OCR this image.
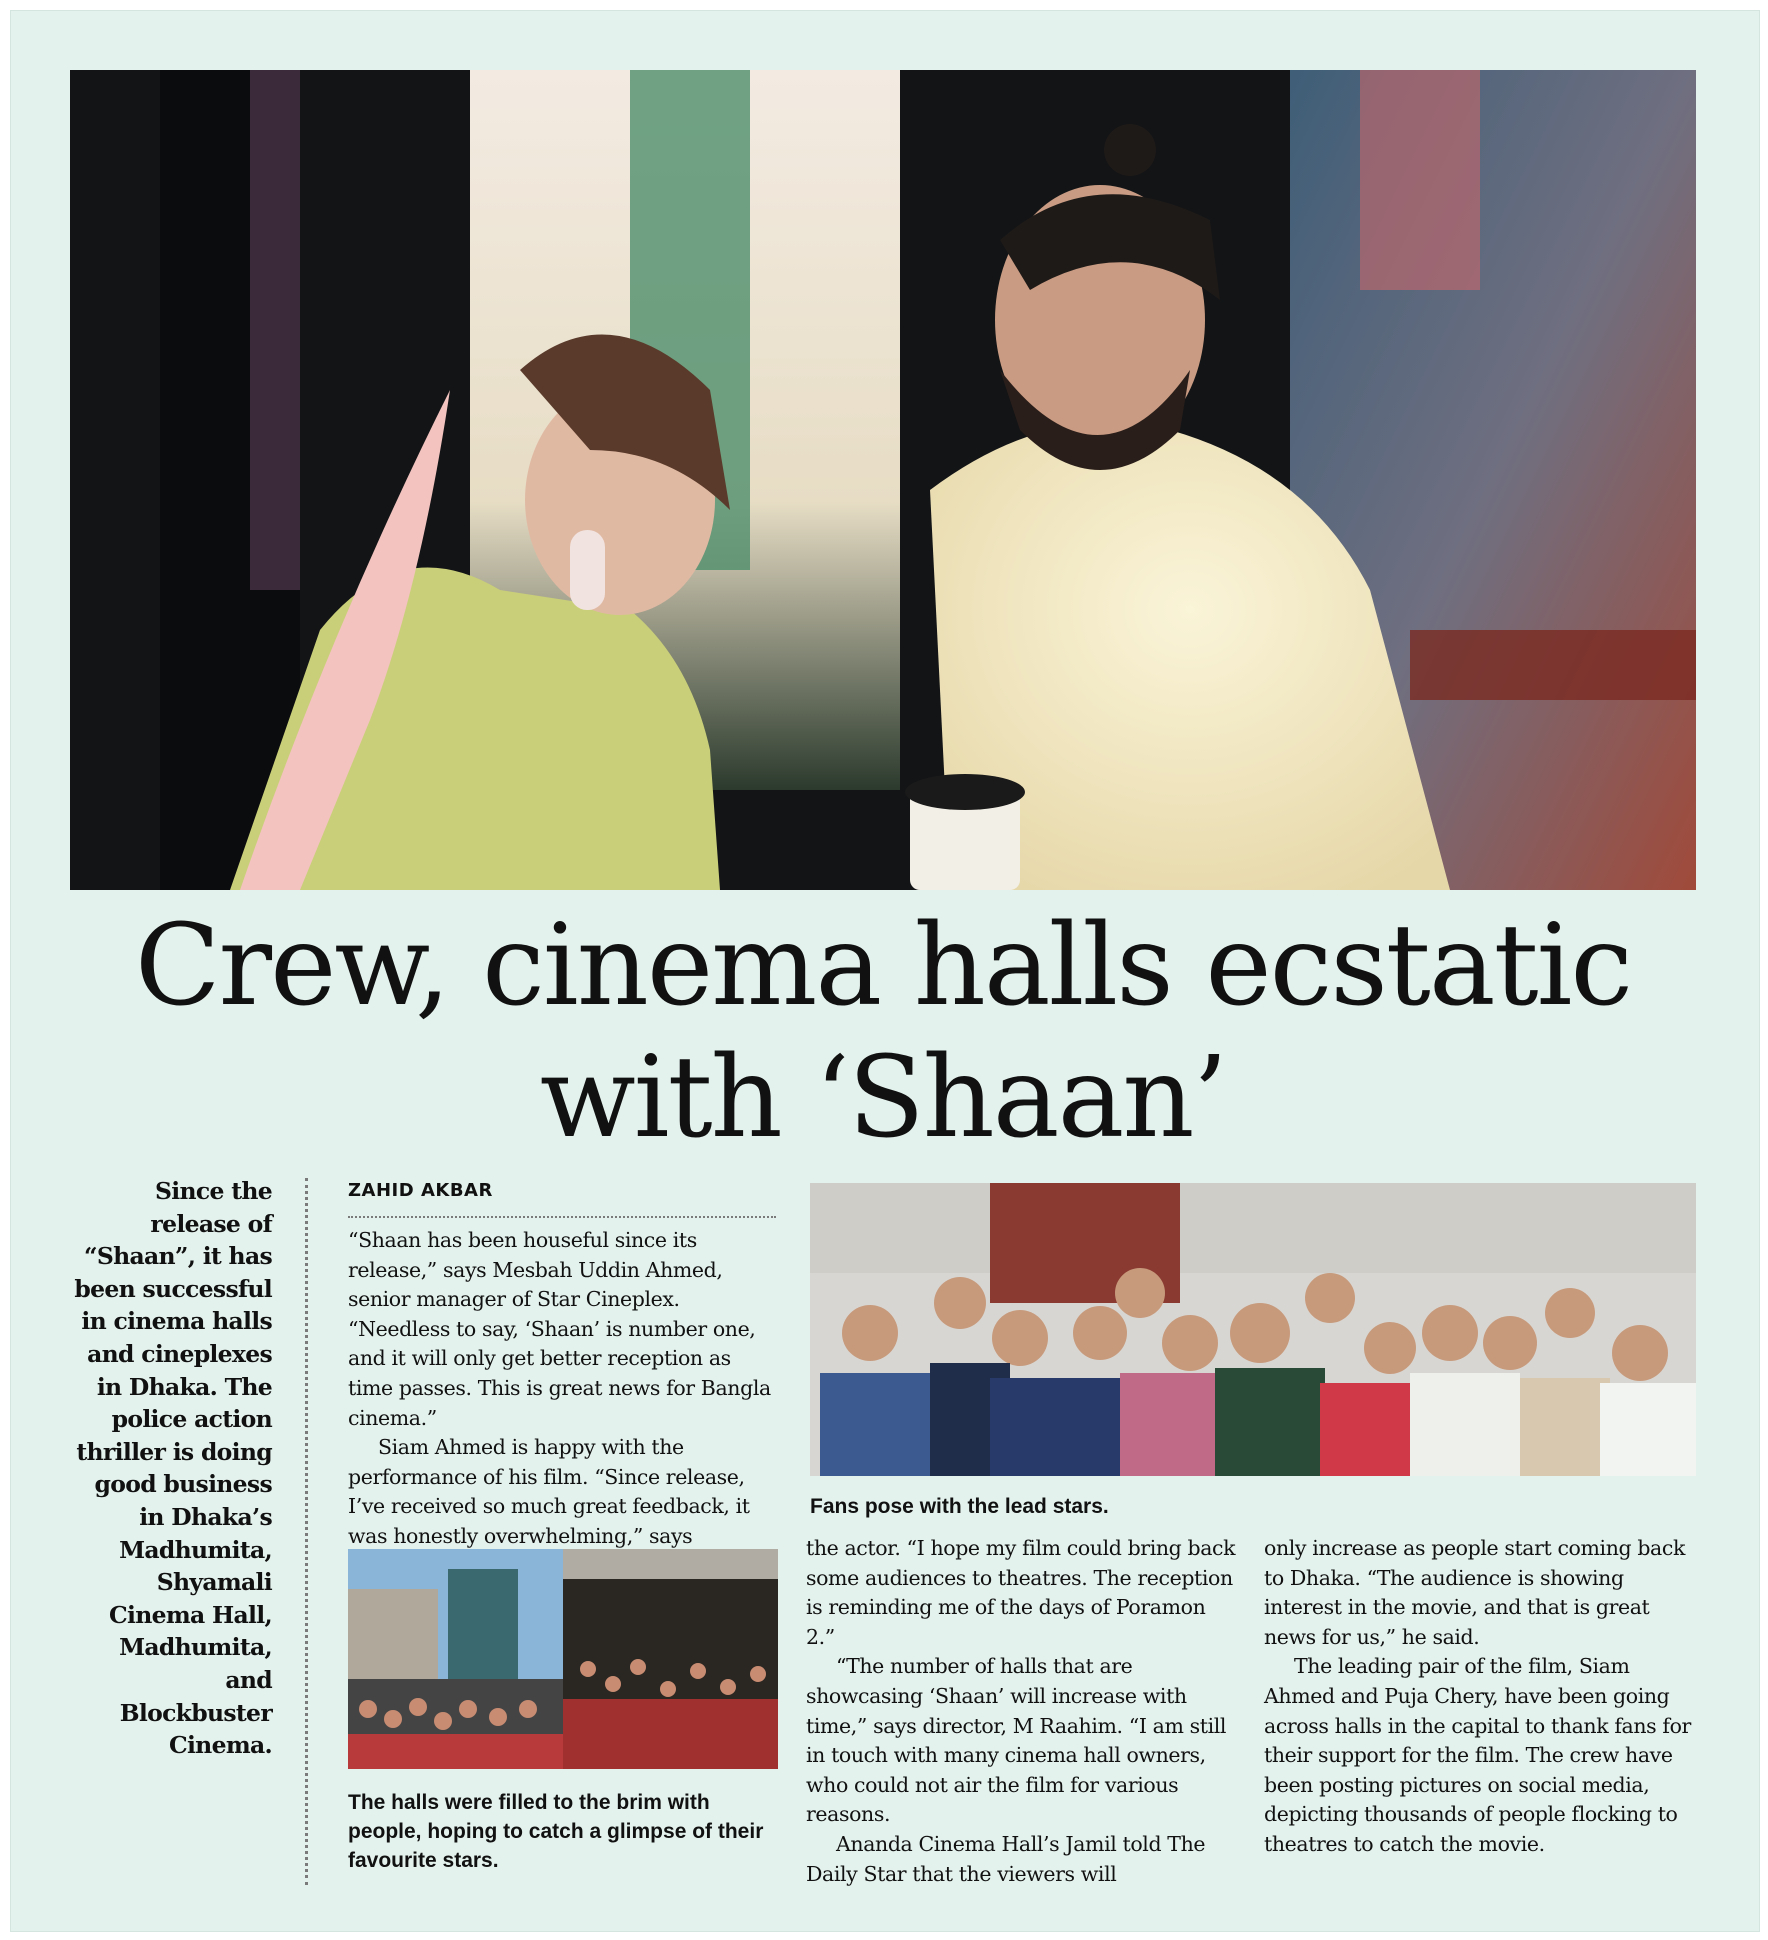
Crew, cinema halls ecstatic with ‘Shaan’

Since the release of “Shaan”, it has been successful in cinema halls and cineplexes in Dhaka. The police action thriller is doing good business in Dhaka’s Madhumita, Shyamali Cinema Hall, Madhumita, and Blockbuster Cinema.

ZAHID AKBAR

“Shaan has been houseful since its release,” says Mesbah Uddin Ahmed, senior manager of Star Cineplex. “Needless to say, ‘Shaan’ is number one, and it will only get better reception as time passes. This is great news for Bangla cinema.”

Siam Ahmed is happy with the performance of his film. “Since release, I’ve received so much great feedback, it was honestly overwhelming,” says

Fans pose with the lead stars.

The halls were filled to the brim with people, hoping to catch a glimpse of their favourite stars.

the actor. “I hope my film could bring back some audiences to theatres. The reception is reminding me of the days of Poramon 2.”

“The number of halls that are showcasing ‘Shaan’ will increase with time,” says director, M Raahim. “I am still in touch with many cinema hall owners, who could not air the film for various reasons.

Ananda Cinema Hall’s Jamil told The Daily Star that the viewers will

only increase as people start coming back to Dhaka. “The audience is showing interest in the movie, and that is great news for us,” he said.

The leading pair of the film, Siam Ahmed and Puja Chery, have been going across halls in the capital to thank fans for their support for the film. The crew have been posting pictures on social media, depicting thousands of people flocking to theatres to catch the movie.
